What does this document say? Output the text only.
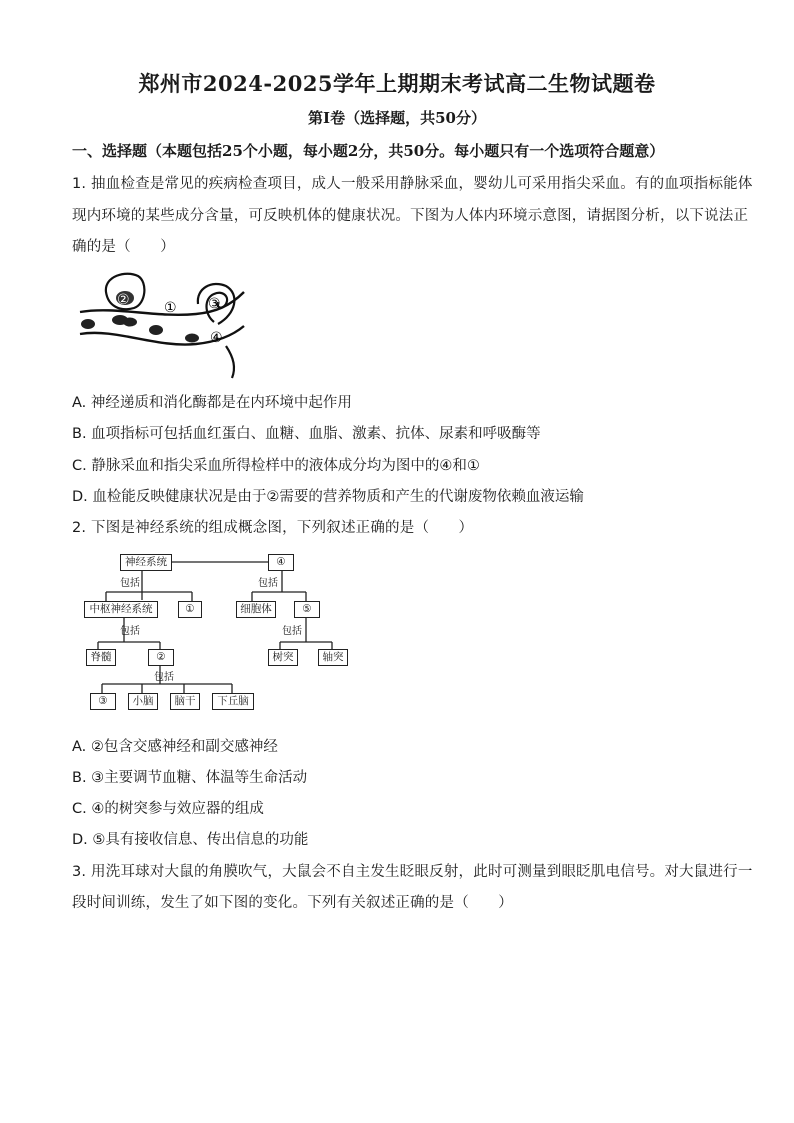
郑州市2024-2025学年上期期末考试高二生物试题卷
第Ⅰ卷（选择题，共50分）
一、选择题（本题包括25个小题，每小题2分，共50分。每小题只有一个选项符合题意）
1. 抽血检查是常见的疾病检查项目，成人一般采用静脉采血，婴幼儿可采用指尖采血。有的血项指标能体
现内环境的某些成分含量，可反映机体的健康状况。下图为人体内环境示意图，请据图分析，以下说法正
确的是（　　）
② ① ③
④
A. 神经递质和消化酶都是在内环境中起作用
B. 血项指标可包括血红蛋白、血糖、血脂、激素、抗体、尿素和呼吸酶等
C. 静脉采血和指尖采血所得检样中的液体成分均为图中的④和①
D. 血检能反映健康状况是由于②需要的营养物质和产生的代谢废物依赖血液运输
2. 下图是神经系统的组成概念图，下列叙述正确的是（　　）
神经系统	④
包括	包括
中枢神经系统	①	细胞体	⑤
包括	包括
脊髓	②	树突	轴突
包括
③	小脑	脑干	下丘脑
A. ②包含交感神经和副交感神经
B. ③主要调节血糖、体温等生命活动
C. ④的树突参与效应器的组成
D. ⑤具有接收信息、传出信息的功能
3. 用洗耳球对大鼠的角膜吹气，大鼠会不自主发生眨眼反射，此时可测量到眼眨肌电信号。对大鼠进行一
段时间训练，发生了如下图的变化。下列有关叙述正确的是（　　）
